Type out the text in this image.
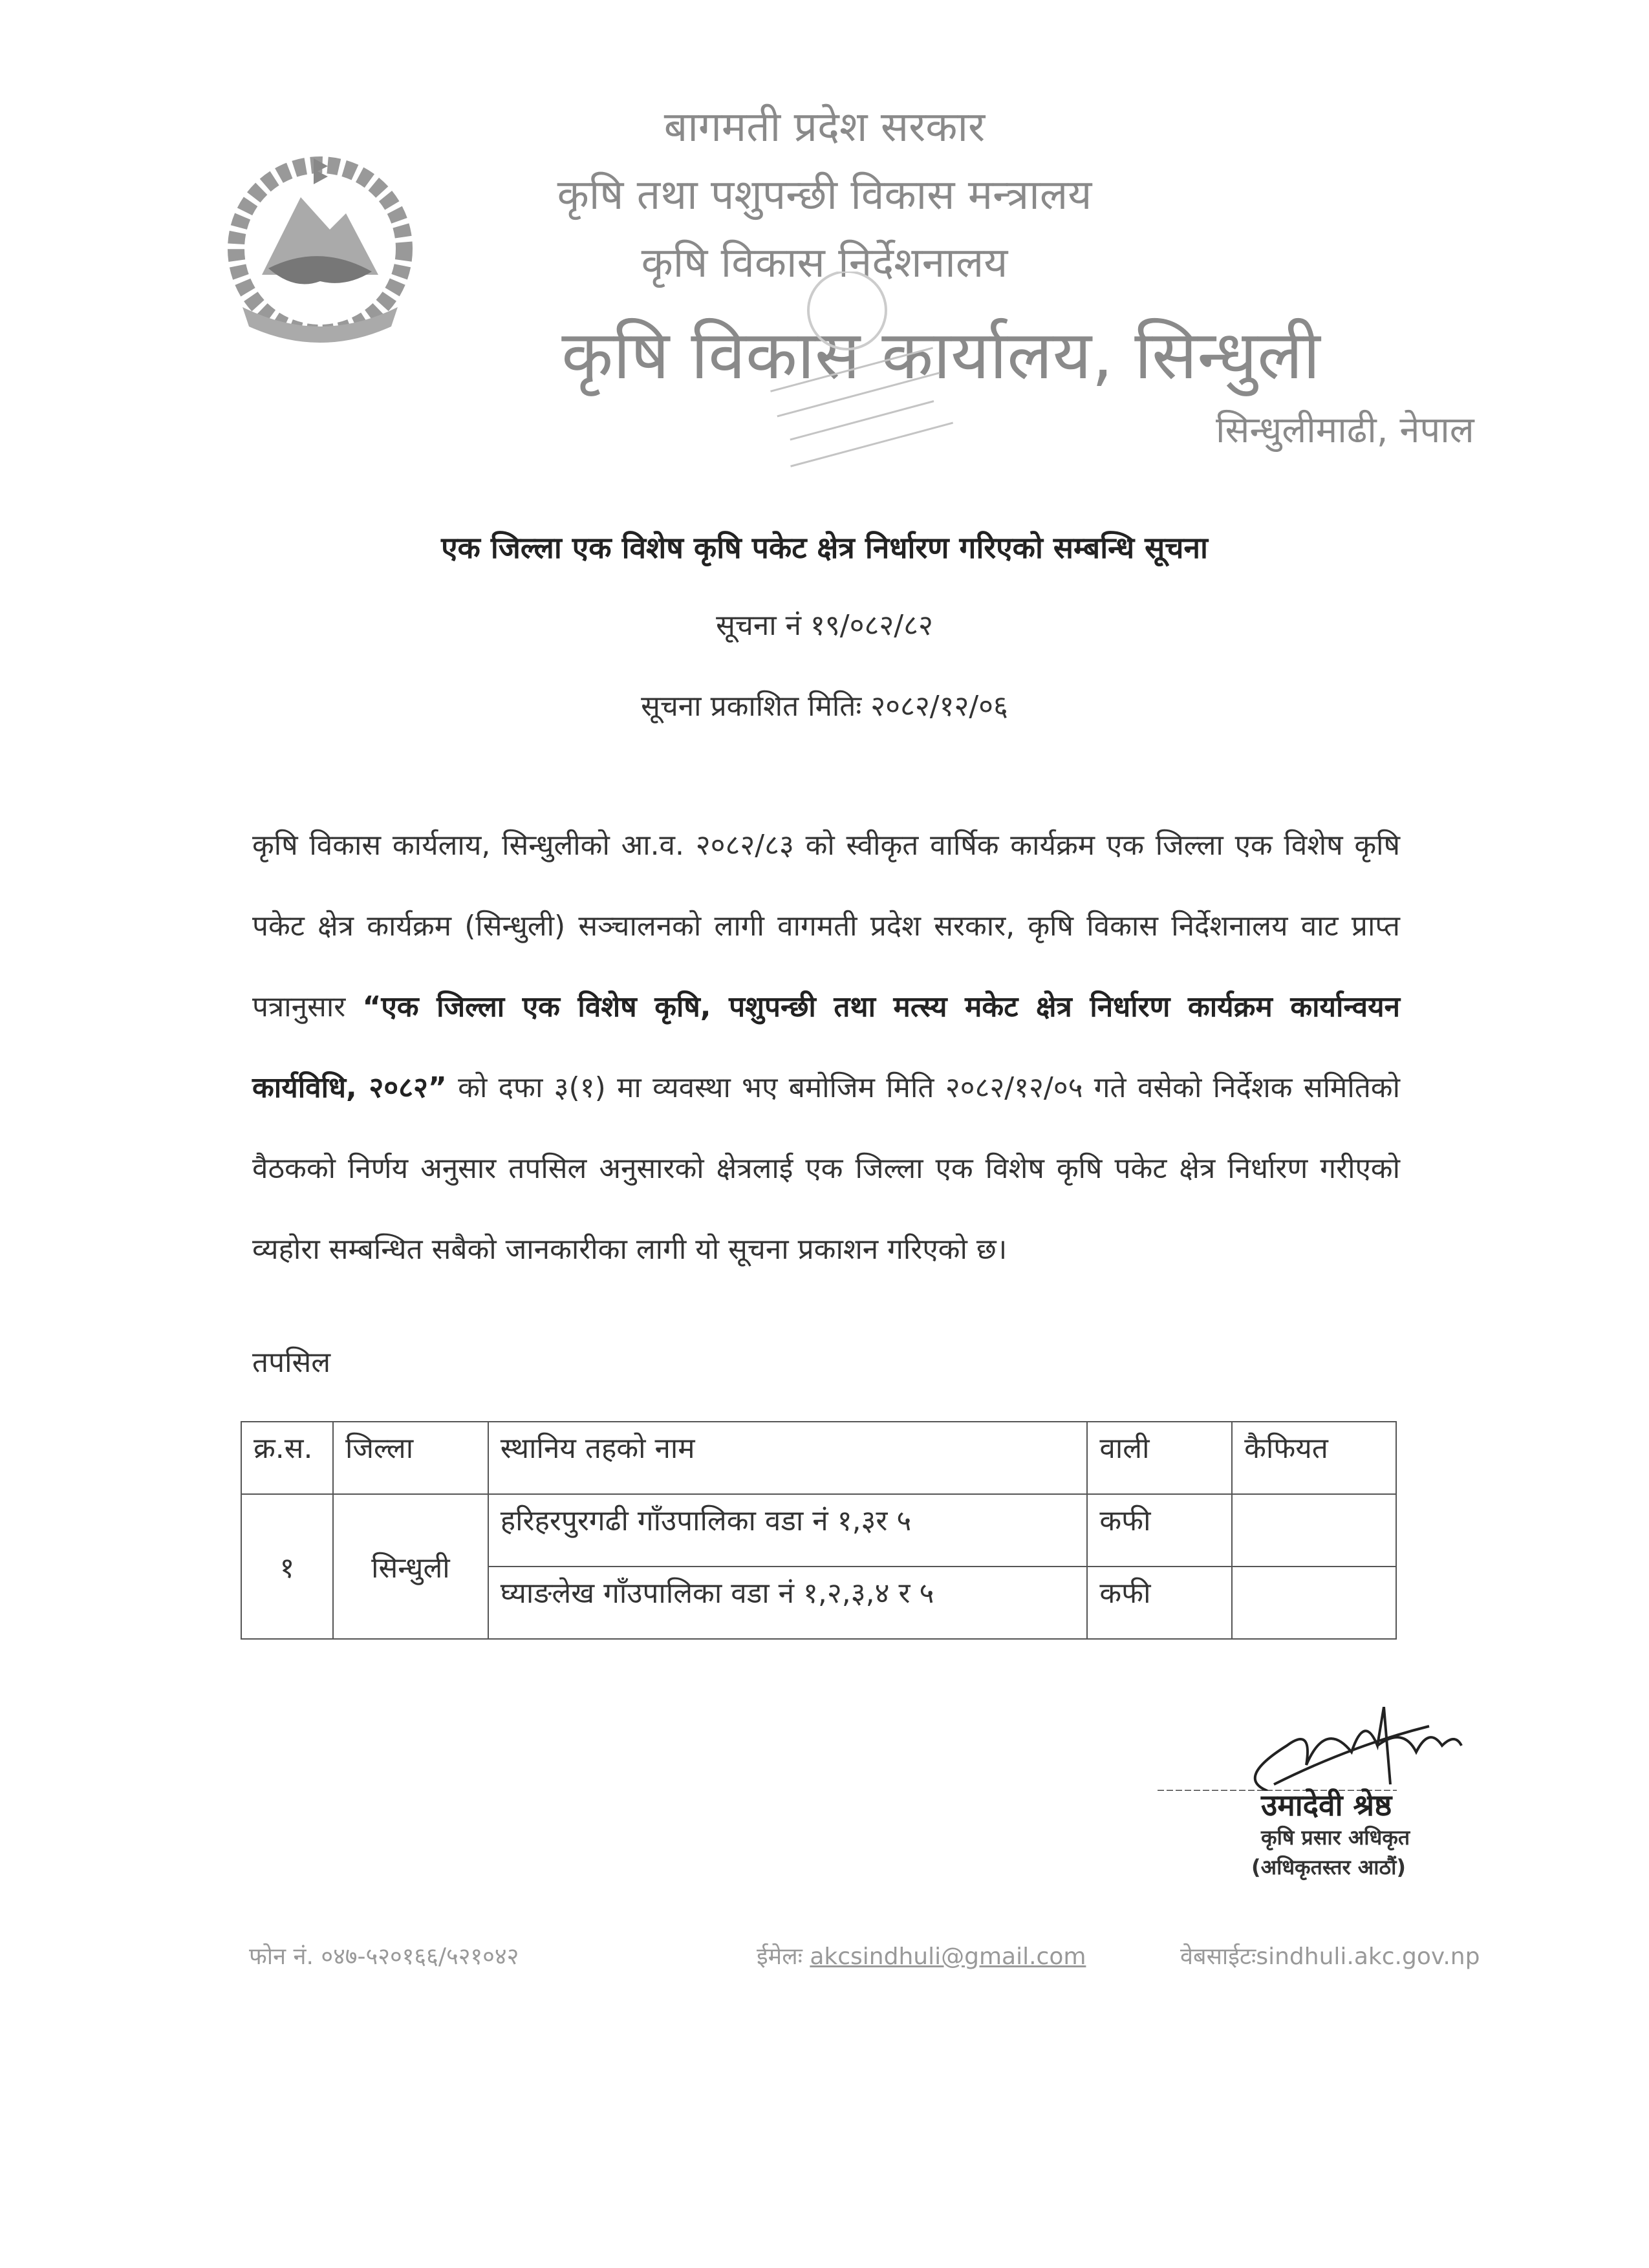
बागमती प्रदेश सरकार
कृषि तथा पशुपन्छी विकास मन्त्रालय
कृषि विकास निर्देशनालय
कृषि विकास कार्यालय, सिन्धुली
सिन्धुलीमाढी, नेपाल
एक जिल्ला एक विशेष कृषि पकेट क्षेत्र निर्धारण गरिएको सम्बन्धि सूचना
सूचना नं १९/०८२/८२
सूचना प्रकाशित मितिः २०८२/१२/०६
कृषि विकास कार्यलाय, सिन्धुलीको आ.व. २०८२/८३ को स्वीकृत वार्षिक कार्यक्रम एक जिल्ला एक विशेष कृषि पकेट क्षेत्र कार्यक्रम (सिन्धुली) सञ्चालनको लागी वागमती प्रदेश सरकार, कृषि विकास निर्देशनालय वाट प्राप्त पत्रानुसार “एक जिल्ला एक विशेष कृषि, पशुपन्छी तथा मत्स्य मकेट क्षेत्र निर्धारण कार्यक्रम कार्यान्वयन कार्यविधि, २०८२” को दफा ३(१) मा व्यवस्था भए बमोजिम मिति २०८२/१२/०५ गते वसेको निर्देशक समितिको वैठकको निर्णय अनुसार तपसिल अनुसारको क्षेत्रलाई एक जिल्ला एक विशेष कृषि पकेट क्षेत्र निर्धारण गरीएको व्यहोरा सम्बन्धित सबैको जानकारीका लागी यो सूचना प्रकाशन गरिएको छ।
तपसिल
क्र.स.	जिल्ला	स्थानिय तहको नाम	वाली	कैफियत
१	सिन्धुली	हरिहरपुरगढी गाँउपालिका वडा नं १,३र ५	कफी	
		घ्याङलेख गाँउपालिका वडा नं १,२,३,४ र ५	कफी	
उमादेवी श्रेष्ठ
कृषि प्रसार अधिकृत
(अधिकृतस्तर आठौं)
फोन नं. ०४७-५२०१६६/५२१०४२	ईमेलः akcsindhuli@gmail.com	वेबसाईटःsindhuli.akc.gov.np
